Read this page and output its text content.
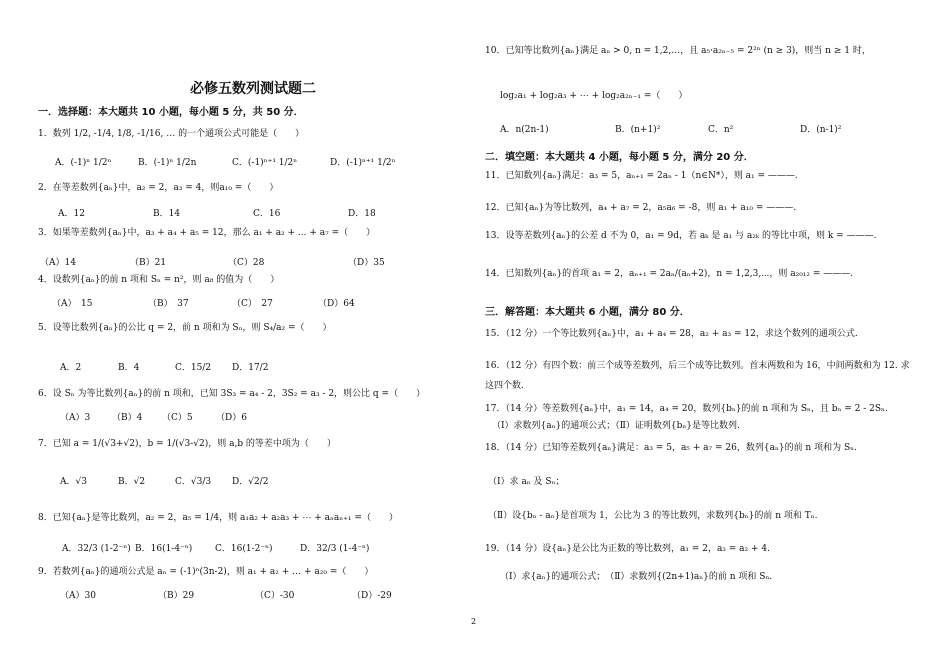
必修五数列测试题二
一．选择题：本大题共 10 小题，每小题 5 分，共 50 分．
1．数列 1/2, -1/4, 1/8, -1/16, … 的一个通项公式可能是（　　）
A．(-1)ⁿ 1/2ⁿ	B．(-1)ⁿ 1/2n	C．(-1)ⁿ⁺¹ 1/2ⁿ	D．(-1)ⁿ⁺¹ 1/2ⁿ
2．在等差数列{aₙ}中，a₂ = 2，a₃ = 4，则a₁₀ =（　　）
A．12	B．14	C．16	D．18
3．如果等差数列{aₙ}中，a₃ + a₄ + a₅ = 12，那么 a₁ + a₂ + ... + a₇ =（　　）
（A）14	（B）21	（C）28	（D）35
4．设数列{aₙ}的前 n 项和 Sₙ = n²，则 a₈ 的值为（　　）
（A）　15	（B）　37	（C）　27	（D）64
5．设等比数列{aₙ}的公比 q = 2，前 n 项和为 Sₙ，则 S₄/a₂ =（　　）
A．2	B．4	C．15/2 D．17/2
6．设 Sₙ 为等比数列{aₙ}的前 n 项和，已知 3S₃ = a₄ - 2，3S₂ = a₃ - 2，则公比 q =（　　）
（A）3 （B）4 （C）5	（D）6
7．已知 a = 1/(√3+√2)，b = 1/(√3-√2)，则 a,b 的等差中项为（　　）
A．√3	B．√2	C．√3/3 D．√2/2
8．已知{aₙ}是等比数列，a₂ = 2，a₅ = 1/4，则 a₁a₂ + a₂a₃ + ⋯ + aₙaₙ₊₁ =（　　）
A．32/3 (1-2⁻ⁿ) B．16(1-4⁻ⁿ)	C．16(1-2⁻ⁿ)	D．32/3 (1-4⁻ⁿ)
9．若数列{aₙ}的通项公式是 aₙ = (-1)ⁿ(3n-2)，则 a₁ + a₂ + … + a₂₀ =（　　）
（A）30	（B）29	（C）-30	（D）-29
10．已知等比数列{aₙ}满足 aₙ > 0, n = 1,2,…，且 a₅·a₂ₙ₋₅ = 2²ⁿ (n ≥ 3)，则当 n ≥ 1 时，
log₂a₁ + log₂a₃ + ⋯ + log₂a₂ₙ₋₁ =（　　）
A．n(2n-1)	B．(n+1)²	C．n²	D．(n-1)²
二．填空题：本大题共 4 小题，每小题 5 分，满分 20 分．
11．已知数列{aₙ}满足：a₃ = 5，aₙ₊₁ = 2aₙ - 1（n∈N*），则 a₁ = ———.
12．已知{aₙ}为等比数列，a₄ + a₇ = 2，a₅a₆ = -8，则 a₁ + a₁₀ = ———.
13．设等差数列{aₙ}的公差 d 不为 0，a₁ = 9d，若 aₖ 是 a₁ 与 a₂ₖ 的等比中项，则 k = ———.
14．已知数列{aₙ}的首项 a₁ = 2，aₙ₊₁ = 2aₙ/(aₙ+2)，n = 1,2,3,⋯，则 a₂₀₁₂ = ———.
三．解答题：本大题共 6 小题，满分 80 分．
15．（12 分）一个等比数列{aₙ}中，a₁ + a₄ = 28，a₂ + a₃ = 12，求这个数列的通项公式.
16．（12 分）有四个数：前三个成等差数列，后三个成等比数列。首末两数和为 16，中间两数和为 12. 求
这四个数.
17．（14 分）等差数列{aₙ}中，a₁ = 14，a₄ = 20，数列{bₙ}的前 n 项和为 Sₙ，且 bₙ = 2 - 2Sₙ.
（Ⅰ）求数列{aₙ}的通项公式；（Ⅱ）证明数列{bₙ}是等比数列.
18．（14 分）已知等差数列{aₙ}满足：a₃ = 5，a₅ + a₇ = 26，数列{aₙ}的前 n 项和为 Sₙ.
（Ⅰ）求 aₙ 及 Sₙ；
（Ⅱ）设{bₙ - aₙ}是首项为 1，公比为 3 的等比数列，求数列{bₙ}的前 n 项和 Tₙ.
19．（14 分）设{aₙ}是公比为正数的等比数列，a₁ = 2，a₃ = a₂ + 4.
（Ⅰ）求{aₙ}的通项公式；　（Ⅱ）求数列{(2n+1)aₙ}的前 n 项和 Sₙ.
2
